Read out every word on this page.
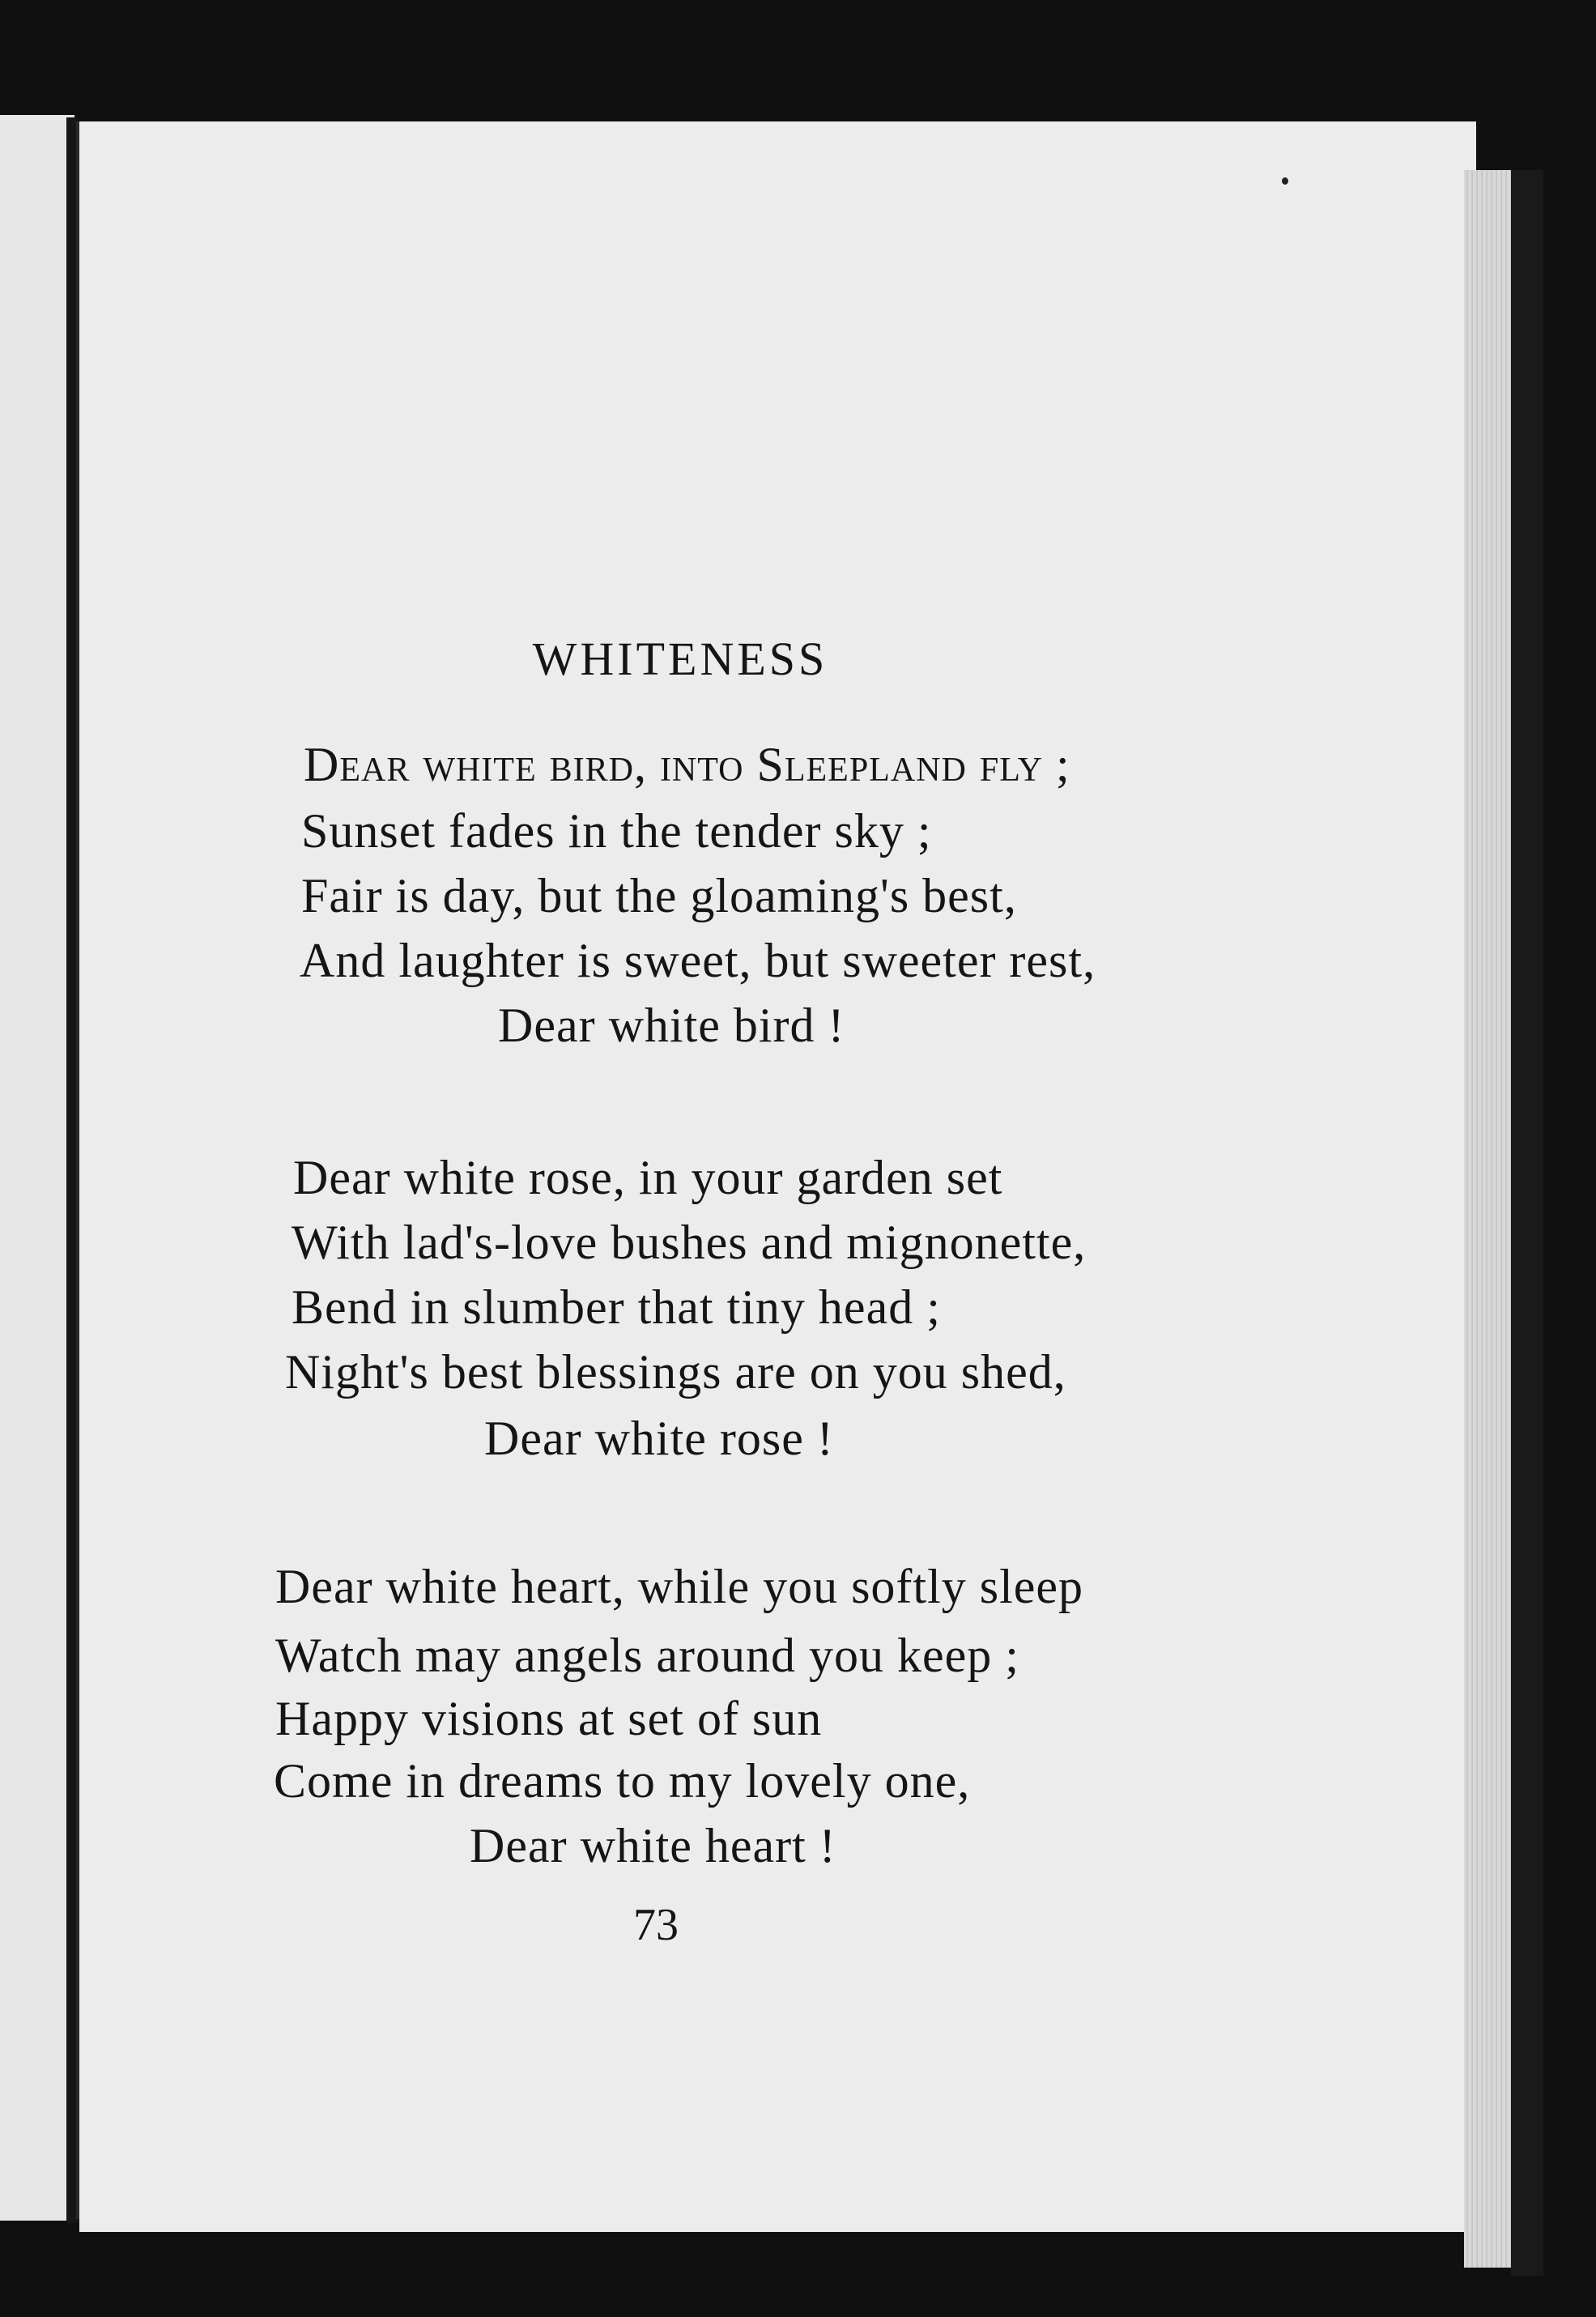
WHITENESS
Dear white bird, into Sleepland fly ;
Sunset fades in the tender sky ;
Fair is day, but the gloaming's best,
And laughter is sweet, but sweeter rest,
Dear white bird !
Dear white rose, in your garden set
With lad's-love bushes and mignonette,
Bend in slumber that tiny head ;
Night's best blessings are on you shed,
Dear white rose !
Dear white heart, while you softly sleep
Watch may angels around you keep ;
Happy visions at set of sun
Come in dreams to my lovely one,
Dear white heart !
73
